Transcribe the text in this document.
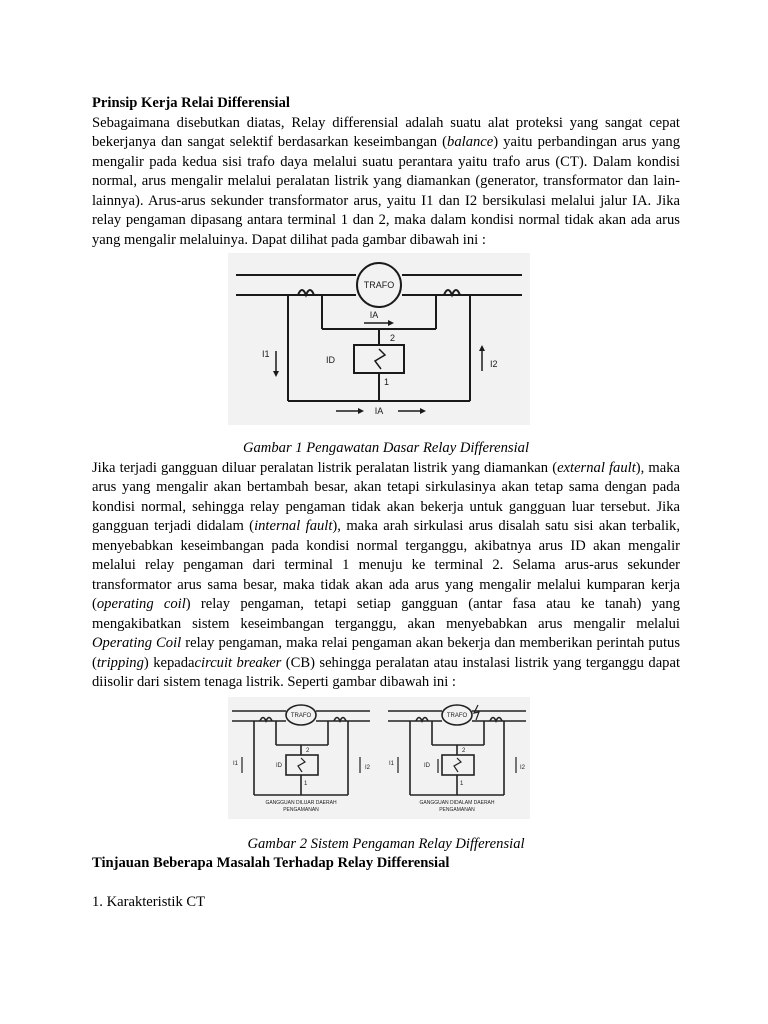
Prinsip Kerja Relai Differensial

Sebagaimana disebutkan diatas, Relay differensial adalah suatu alat proteksi yang sangat cepat bekerjanya dan sangat selektif berdasarkan keseimbangan (balance) yaitu perbandingan arus yang mengalir pada kedua sisi trafo daya melalui suatu perantara yaitu trafo arus (CT). Dalam kondisi normal, arus mengalir melalui peralatan listrik yang diamankan (generator, transformator dan lain-lainnya). Arus-arus sekunder transformator arus, yaitu I1 dan I2 bersikulasi melalui jalur IA. Jika relay pengaman dipasang antara terminal 1 dan 2, maka dalam kondisi normal tidak akan ada arus yang mengalir melaluinya. Dapat dilihat pada gambar dibawah ini :

TRAFO
IA
2
1
ID
I1
I2
IA
Gambar 1 Pengawatan Dasar Relay Differensial

Jika terjadi gangguan diluar peralatan listrik peralatan listrik yang diamankan (external fault), maka arus yang mengalir akan bertambah besar, akan tetapi sirkulasinya akan tetap sama dengan pada kondisi normal, sehingga relay pengaman tidak akan bekerja untuk gangguan luar tersebut. Jika gangguan terjadi didalam (internal fault), maka arah sirkulasi arus disalah satu sisi akan terbalik, menyebabkan keseimbangan pada kondisi normal terganggu, akibatnya arus ID akan mengalir melalui relay pengaman dari terminal 1 menuju ke terminal 2. Selama arus-arus sekunder transformator arus sama besar, maka tidak akan ada arus yang mengalir melalui kumparan kerja (operating coil) relay pengaman, tetapi setiap gangguan (antar fasa atau ke tanah) yang mengakibatkan sistem keseimbangan terganggu, akan menyebabkan arus mengalir melalui Operating Coil relay pengaman, maka relai pengaman akan bekerja dan memberikan perintah putus (tripping) kepadacircuit breaker (CB) sehingga peralatan atau instalasi listrik yang terganggu dapat diisolir dari sistem tenaga listrik. Seperti gambar dibawah ini :

TRAFO
2
1
ID
I1
I2
GANGGUAN DILUAR DAERAH
PENGAMANAN
TRAFO
2
1
ID
I1
I2
GANGGUAN DIDALAM DAERAH
PENGAMANAN
Gambar 2 Sistem Pengaman Relay Differensial
Tinjauan Beberapa Masalah Terhadap Relay Differensial
1. Karakteristik CT
